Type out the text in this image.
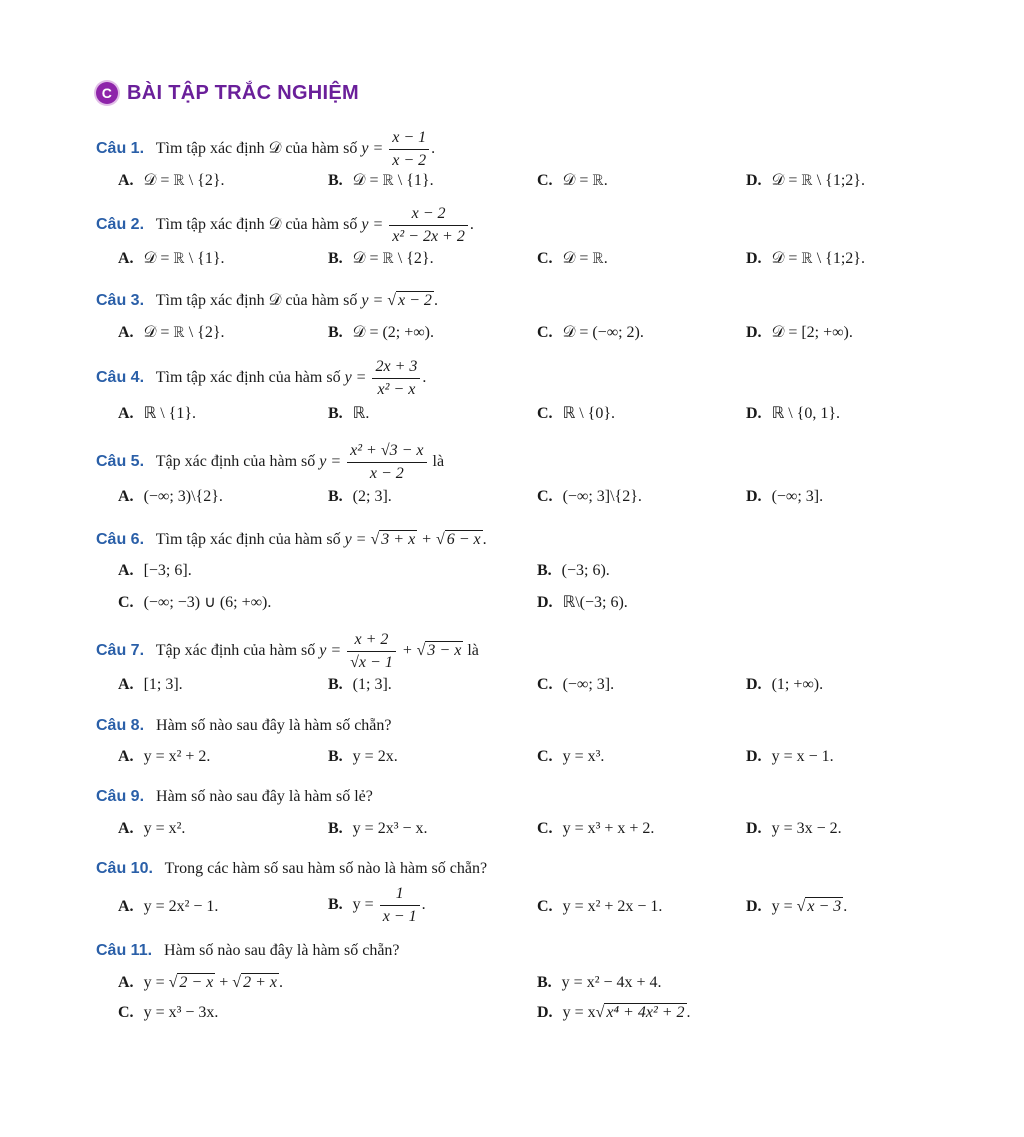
C BÀI TẬP TRẮC NGHIỆM
Câu 1. Tìm tập xác định 𝒟 của hàm số $y = \frac{x - 1}{x - 2}$ .
A. 𝒟 = ℝ \ {2}.	B. 𝒟 = ℝ \ {1}.	C. 𝒟 = ℝ.	D. 𝒟 = ℝ \ {1;2}.
Câu 2. Tìm tập xác định 𝒟 của hàm số $y = \frac{x - 2}{\text{x² − 2x + 2}}$ .
A. 𝒟 = ℝ \ {1}.	B. 𝒟 = ℝ \ {2}.	C. 𝒟 = ℝ.	D. 𝒟 = ℝ \ {1;2}.
Câu 3. Tìm tập xác định 𝒟 của hàm số y = √ x − 2 .
A. 𝒟 = ℝ \ {2}.	B. 𝒟 = (2; +∞).	C. 𝒟 = (−∞; 2).	D. 𝒟 = [2; +∞).
Câu 4. Tìm tập xác định của hàm số $y = \frac{2x + 3}{\text{x² − x}}$ .
A. ℝ \ {1}.	B. ℝ.	C. ℝ \ {0}.	D. ℝ \ {0, 1}.
Câu 5. Tập xác định của hàm số $y = \frac{\text{x² + √3 − x}}{x - 2}$ là
A. (−∞; 3)\{2}.	B. (2; 3].	C. (−∞; 3]\{2}.	D. (−∞; 3].
Câu 6. Tìm tập xác định của hàm số y = √ 3 + x + √ 6 − x .
A. [−3; 6].	B. (−3; 6).
C. (−∞; −3) ∪ (6; +∞).	D. ℝ\(−3; 6).
Câu 7. Tập xác định của hàm số $y = \frac{x + 2}{√x - 1}$ + √ 3 − x là
A. [1; 3].	B. (1; 3].	C. (−∞; 3].	D. (1; +∞).
Câu 8. Hàm số nào sau đây là hàm số chẵn?
A. y = x² + 2.	B. y = 2x.	C. y = x³.	D. y = x − 1.
Câu 9. Hàm số nào sau đây là hàm số lẻ?
A. y = x².	B. y = 2x³ − x.	C. y = x³ + x + 2.	D. y = 3x − 2.
Câu 10. Trong các hàm số sau hàm số nào là hàm số chẵn?
A. y = 2x² − 1.	B. $y = \frac{1}{x - 1}$ .	C. y = x² + 2x − 1.	D. y = √ x − 3 .
Câu 11. Hàm số nào sau đây là hàm số chẵn?
A. y = √ 2 − x + √ 2 + x .	B. y = x² − 4x + 4.
C. y = x³ − 3x.	D. y = x√ x⁴ + 4x² + 2 .
